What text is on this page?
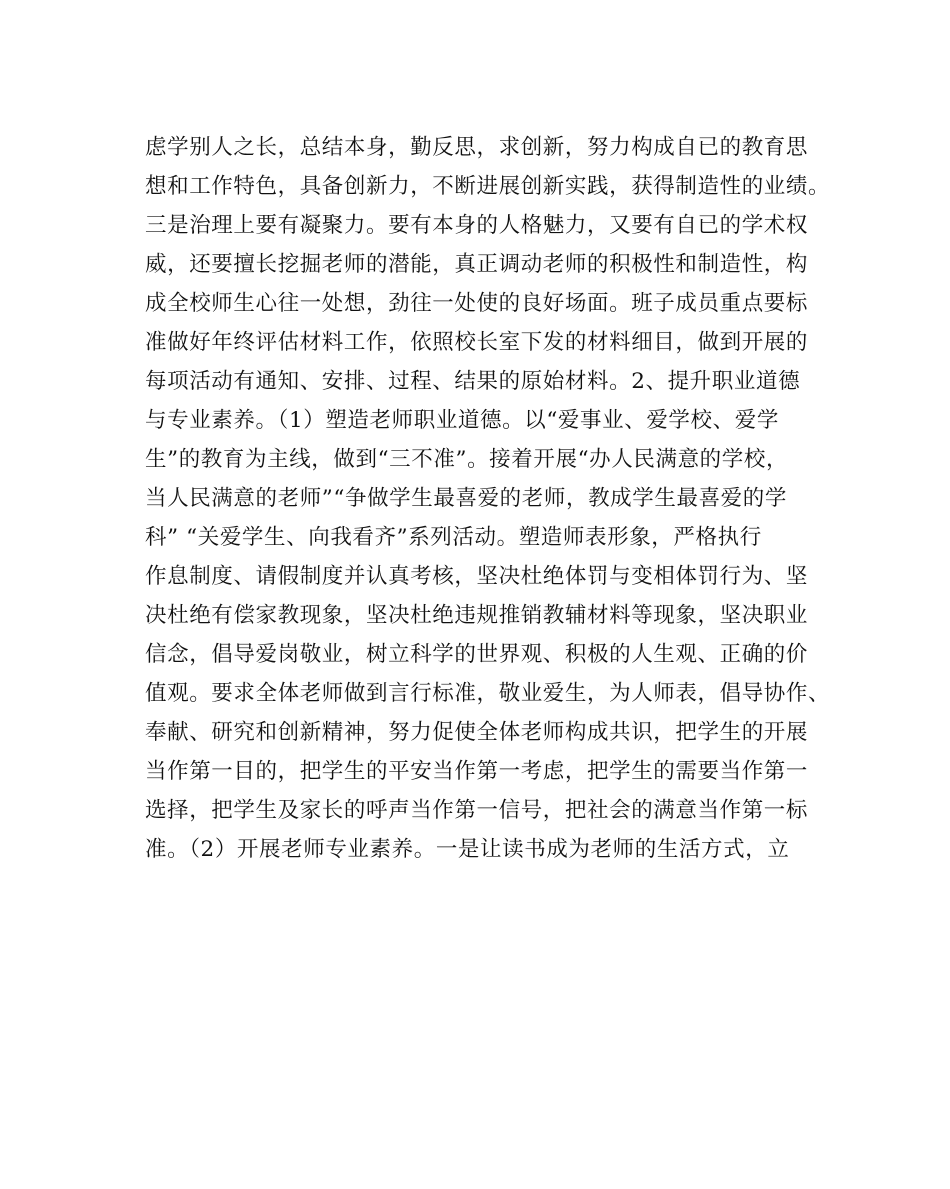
虑学别人之长，总结本身，勤反思，求创新，努力构成自已的教育思
想和工作特色，具备创新力，不断进展创新实践，获得制造性的业绩。
三是治理上要有凝聚力。要有本身的人格魅力，又要有自已的学术权
威，还要擅长挖掘老师的潜能，真正调动老师的积极性和制造性，构
成全校师生心往一处想，劲往一处使的良好场面。班子成员重点要标
准做好年终评估材料工作，依照校长室下发的材料细目，做到开展的
每项活动有通知、安排、过程、结果的原始材料。2、提升职业道德
与专业素养。（1）塑造老师职业道德。以“爱事业、爱学校、爱学
生”的教育为主线，做到“三不准”。接着开展“办人民满意的学校，
当人民满意的老师”“争做学生最喜爱的老师，教成学生最喜爱的学
科” “关爱学生、向我看齐”系列活动。塑造师表形象，严格执行
作息制度、请假制度并认真考核，坚决杜绝体罚与变相体罚行为、坚
决杜绝有偿家教现象，坚决杜绝违规推销教辅材料等现象，坚决职业
信念，倡导爱岗敬业，树立科学的世界观、积极的人生观、正确的价
值观。要求全体老师做到言行标准，敬业爱生，为人师表，倡导协作、
奉献、研究和创新精神，努力促使全体老师构成共识，把学生的开展
当作第一目的，把学生的平安当作第一考虑，把学生的需要当作第一
选择，把学生及家长的呼声当作第一信号，把社会的满意当作第一标
准。（2）开展老师专业素养。一是让读书成为老师的生活方式，立
